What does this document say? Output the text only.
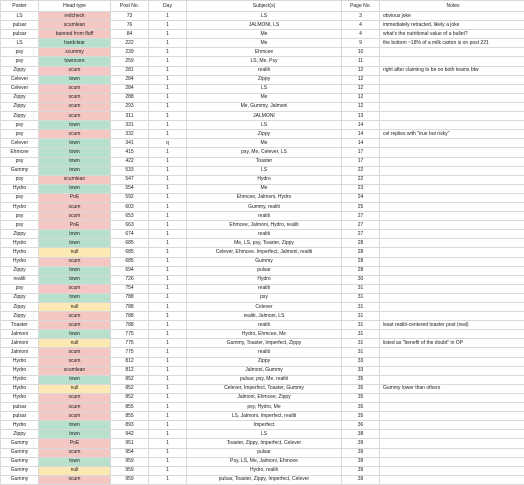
Poster	Head type	Post No.	Day	Subject(s)	Page No.	Notes
LS	redcheck	73	1	LS	3	obvious joke
pulsar	scumlean	76	1	JALMONI, LS	4	immediately retracted, likely a joke
pulsar	banned from fluff	84	1	Me	4	what's the nutritional value of a bullet?
LS	hardclear	222	1	Me	9	the bottom ~18% of a milk carton is on post 221
psy	scummy	239	1	Ehmcee	10	
psy	towncore	259	1	LS, Me, Psy	11	
Zippy	scum	281	1	realiti	12	right after claiming to be on both teams btw
Celever	town	284	1	Zippy	12	
Celever	scum	284	1	LS	12	
Zippy	scum	288	1	Me	12	
Zippy	scum	293	1	Me, Gummy, Jalmoni	12	
Zippy	scum	311	1	JALMONI	13	
psy	town	331	1	LS	14	
psy	scum	332	1	Zippy	14	cel replies with "true but risky"
Celever	town	341	q	Me	14	
Ehmcee	town	415	1	psy, Me, Celever, LS	17	
psy	town	422	1	Toaster	17	
Gummy	town	533	1	LS	22	
psy	scumlean	547	1	Hydro	22	
Hydro	town	554	1	Me	23	
psy	PoE	592	1	Ehmcee, Jalmoni, Hydro	24	
Hydro	scum	603	1	Gummy, realiti	25	
psy	scum	653	1	realiti	27	
psy	PoE	663	1	Ehmcee, Jalmoni, Hydro, realiti	27	
Zippy	town	674	1	realiti	27	
Hydro	town	685	1	Me, LS, psy, Toaster, Zippy	28	
Hydro	null	685	1	Celever, Ehmcee, Imperfect, Jalmoni, realiti	28	
Hydro	scum	685	1	Gummy	28	
Zippy	town	694	1	pulsar	28	
realiti	town	726	1	Hydro	30	
psy	scum	754	1	realiti	31	
Zippy	town	788	1	psy	31	
Zippy	null	788	1	Celever	31	
Zippy	scum	788	1	realiti, Jalmoni, LS	31	
Toaster	scum	788	1	realiti	31	least realiti-centered toaster post (real)
Jalmoni	town	775	1	Hydro, Ehmcee, Me	31	
Jalmoni	null	775	1	Gummy, Toaster, Imperfect, Zippy	31	listed as "benefit of the doubt" in OP
Jalmoni	scum	775	1	realiti	31	
Hydro	scum	812	1	Zippy	33	
Hydro	scumlean	812	1	Jalmoni, Gummy	33	
Hydro	town	852	1	pulsar, psy, Me, realiti	35	
Hydro	null	852	1	Celever, Imperfect, Toaster, Gummy	35	Gummy lower than others
Hydro	scum	852	1	Jalmoni, Ehmcee, Zippy	35	
pulsar	scum	855	1	psy, Hydro, Me	35	
pulsar	scum	855	1	LS, Jalmoni, Imperfect, realiti	35	
Hydro	town	893	1	Imperfect	36	
Zippy	town	942	1	LS	38	
Gummy	PoE	951	1	Toaster, Zippy, Imperfect, Celever	39	
Gummy	scum	954	1	pulsar	39	
Gummy	town	959	1	Psy, LS, Me, Jalmoni, Ehmcee	39	
Gummy	null	959	1	Hydro, realiti	39	
Gummy	scum	959	1	pulsar, Toaster, Zippy, Imperfect, Celever	39	
